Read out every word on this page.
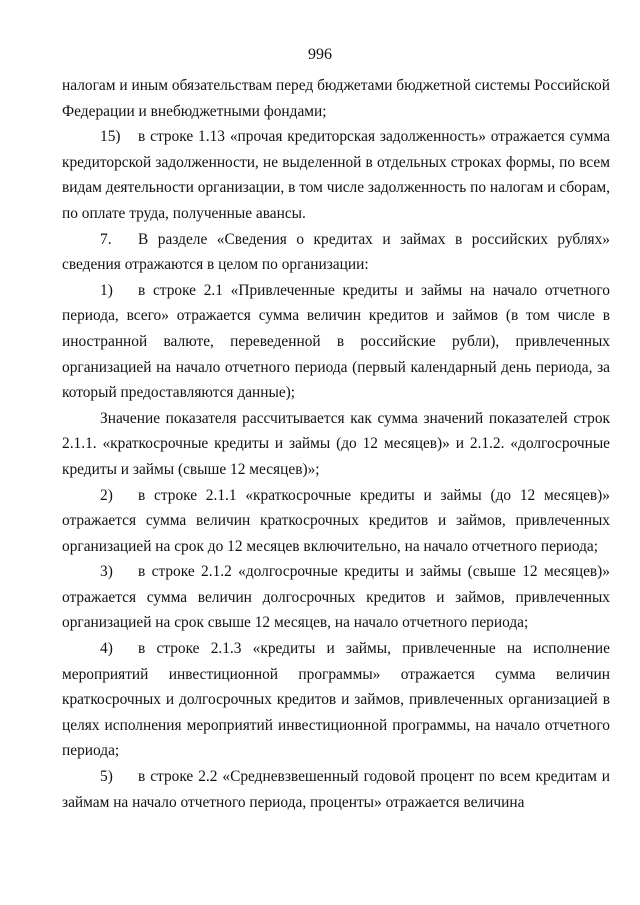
996

налогам и иным обязательствам перед бюджетами бюджетной системы Российской Федерации и внебюджетными фондами;

15) в строке 1.13 «прочая кредиторская задолженность» отражается сумма кредиторской задолженности, не выделенной в отдельных строках формы, по всем видам деятельности организации, в том числе задолженность по налогам и сборам, по оплате труда, полученные авансы.

7. В разделе «Сведения о кредитах и займах в российских рублях» сведения отражаются в целом по организации:

1) в строке 2.1 «Привлеченные кредиты и займы на начало отчетного периода, всего» отражается сумма величин кредитов и займов (в том числе в иностранной валюте, переведенной в российские рубли), привлеченных организацией на начало отчетного периода (первый календарный день периода, за который предоставляются данные);

Значение показателя рассчитывается как сумма значений показателей строк 2.1.1. «краткосрочные кредиты и займы (до 12 месяцев)» и 2.1.2. «долгосрочные кредиты и займы (свыше 12 месяцев)»;

2) в строке 2.1.1 «краткосрочные кредиты и займы (до 12 месяцев)» отражается сумма величин краткосрочных кредитов и займов, привлеченных организацией на срок до 12 месяцев включительно, на начало отчетного периода;

3) в строке 2.1.2 «долгосрочные кредиты и займы (свыше 12 месяцев)» отражается сумма величин долгосрочных кредитов и займов, привлеченных организацией на срок свыше 12 месяцев, на начало отчетного периода;

4) в строке 2.1.3 «кредиты и займы, привлеченные на исполнение мероприятий инвестиционной программы» отражается сумма величин краткосрочных и долгосрочных кредитов и займов, привлеченных организацией в целях исполнения мероприятий инвестиционной программы, на начало отчетного периода;

5) в строке 2.2 «Средневзвешенный годовой процент по всем кредитам и займам на начало отчетного периода, проценты» отражается величина
